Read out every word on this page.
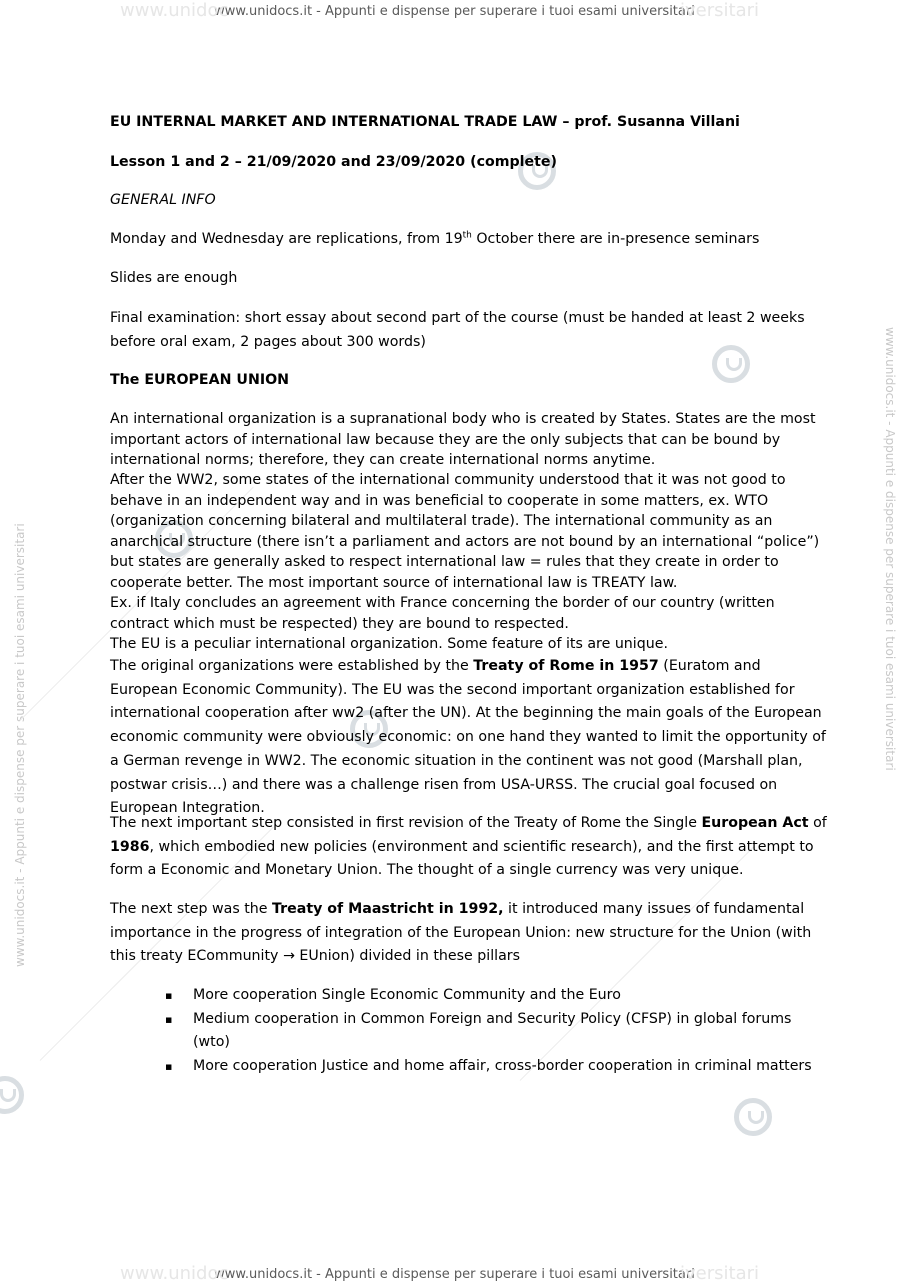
www.unidoc
www.unidocs.it - Appunti e dispense per superare i tuoi esami universitari
iversitari
www.unidoc
www.unidocs.it - Appunti e dispense per superare i tuoi esami universitari
iversitari
www.unidocs.it - Appunti e dispense per superare i tuoi esami universitari	www.unidocs.it - Appunti e dispense per superare i tuoi esami universitari
EU INTERNAL MARKET AND INTERNATIONAL TRADE LAW – prof. Susanna Villani
Lesson 1 and 2 – 21/09/2020 and 23/09/2020 (complete)
GENERAL INFO
Monday and Wednesday are replications, from 19th October there are in-presence seminars
Slides are enough
Final examination: short essay about second part of the course (must be handed at least 2 weeks before oral exam, 2 pages about 300 words)
The EUROPEAN UNION
An international organization is a supranational body who is created by States. States are the most important actors of international law because they are the only subjects that can be bound by international norms; therefore, they can create international norms anytime.
After the WW2, some states of the international community understood that it was not good to behave in an independent way and in was beneficial to cooperate in some matters, ex. WTO (organization concerning bilateral and multilateral trade). The international community as an anarchical structure (there isn’t a parliament and actors are not bound by an international “police”) but states are generally asked to respect international law = rules that they create in order to cooperate better. The most important source of international law is TREATY law.
Ex. if Italy concludes an agreement with France concerning the border of our country (written contract which must be respected) they are bound to respected.
The EU is a peculiar international organization. Some feature of its are unique.
The original organizations were established by the Treaty of Rome in 1957 (Euratom and European Economic Community). The EU was the second important organization established for international cooperation after ww2 (after the UN). At the beginning the main goals of the European economic community were obviously economic: on one hand they wanted to limit the opportunity of a German revenge in WW2. The economic situation in the continent was not good (Marshall plan, postwar crisis…) and there was a challenge risen from USA-URSS. The crucial goal focused on European Integration.
The next important step consisted in first revision of the Treaty of Rome the Single European Act of 1986, which embodied new policies (environment and scientific research), and the first attempt to form a Economic and Monetary Union. The thought of a single currency was very unique.
The next step was the Treaty of Maastricht in 1992, it introduced many issues of fundamental importance in the progress of integration of the European Union: new structure for the Union (with this treaty ECommunity → EUnion) divided in these pillars
▪ More cooperation Single Economic Community and the Euro
▪ Medium cooperation in Common Foreign and Security Policy (CFSP) in global forums (wto)
▪ More cooperation Justice and home affair, cross-border cooperation in criminal matters
